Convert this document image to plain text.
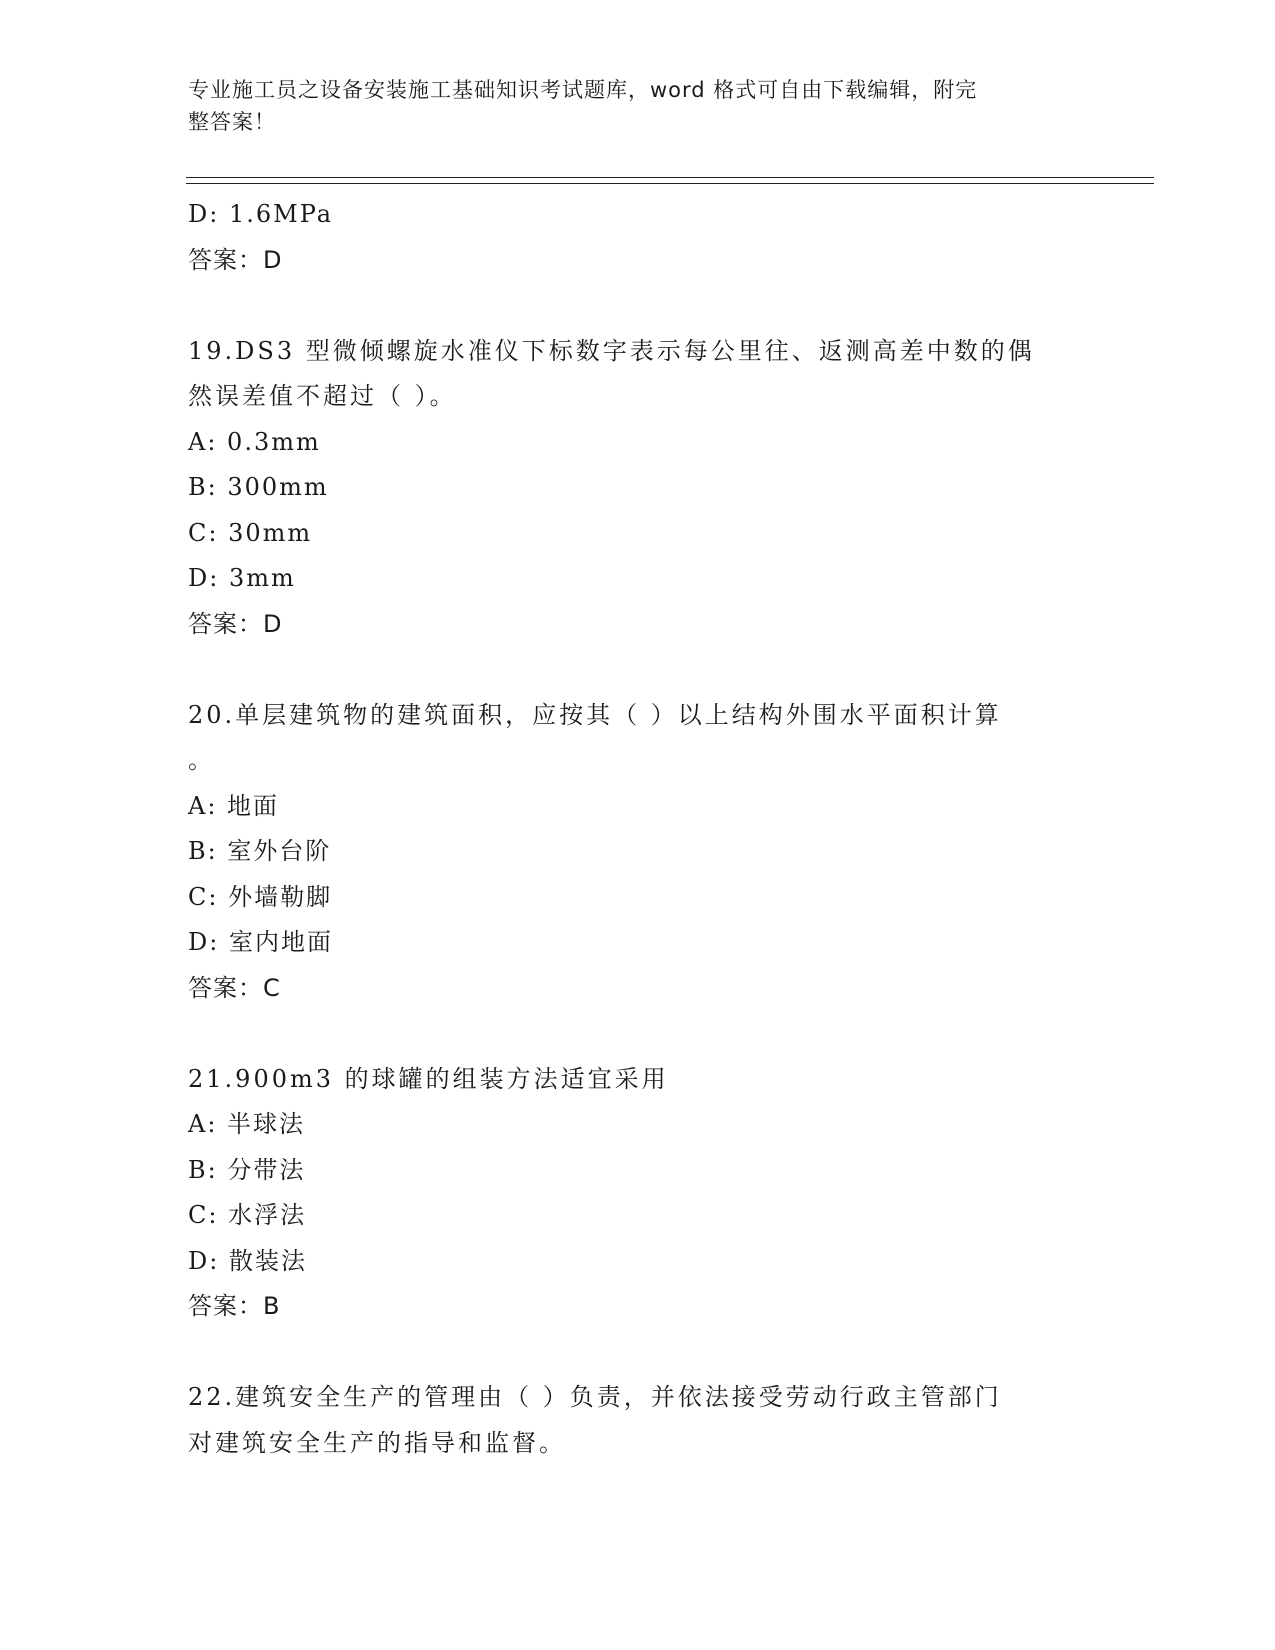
专业施工员之设备安装施工基础知识考试题库，word 格式可自由下载编辑，附完
整答案！
D: 1.6MPa
答案：D
19.DS3 型微倾螺旋水准仪下标数字表示每公里往、返测高差中数的偶
然误差值不超过（ ）。
A: 0.3mm
B: 300mm
C: 30mm
D: 3mm
答案：D
20.单层建筑物的建筑面积，应按其（ ）以上结构外围水平面积计算
。
A: 地面
B: 室外台阶
C: 外墙勒脚
D: 室内地面
答案：C
21.900m3 的球罐的组装方法适宜采用
A: 半球法
B: 分带法
C: 水浮法
D: 散装法
答案：B
22.建筑安全生产的管理由（ ）负责，并依法接受劳动行政主管部门
对建筑安全生产的指导和监督。
